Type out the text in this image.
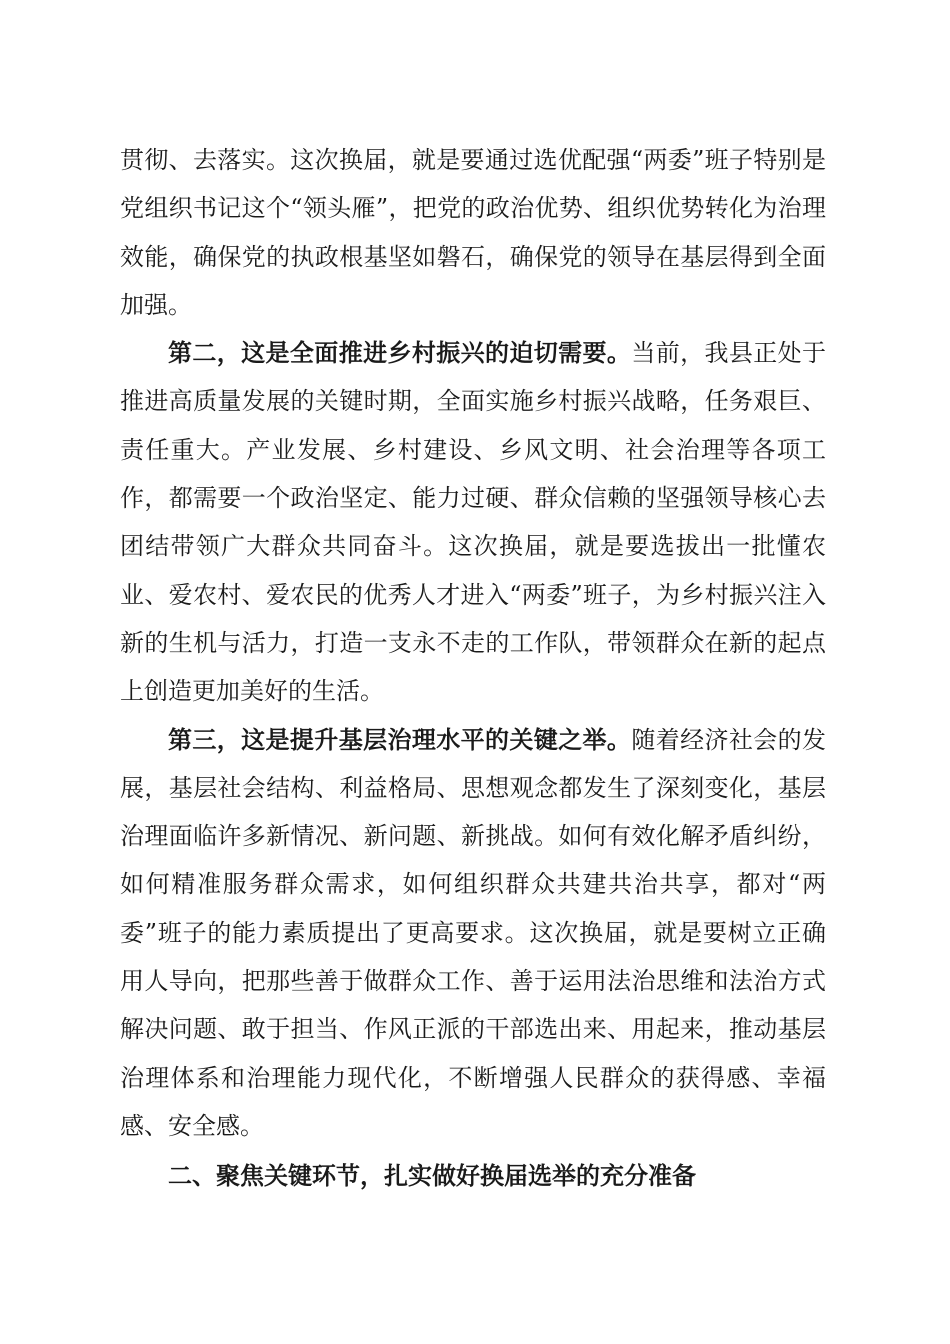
贯彻、去落实。这次换届，就是要通过选优配强“两委”班子特别是党组织书记这个“领头雁”，把党的政治优势、组织优势转化为治理效能，确保党的执政根基坚如磐石，确保党的领导在基层得到全面加强。

第二，这是全面推进乡村振兴的迫切需要。当前，我县正处于推进高质量发展的关键时期，全面实施乡村振兴战略，任务艰巨、责任重大。产业发展、乡村建设、乡风文明、社会治理等各项工作，都需要一个政治坚定、能力过硬、群众信赖的坚强领导核心去团结带领广大群众共同奋斗。这次换届，就是要选拔出一批懂农业、爱农村、爱农民的优秀人才进入“两委”班子，为乡村振兴注入新的生机与活力，打造一支永不走的工作队，带领群众在新的起点上创造更加美好的生活。

第三，这是提升基层治理水平的关键之举。随着经济社会的发展，基层社会结构、利益格局、思想观念都发生了深刻变化，基层治理面临许多新情况、新问题、新挑战。如何有效化解矛盾纠纷，如何精准服务群众需求，如何组织群众共建共治共享，都对“两委”班子的能力素质提出了更高要求。这次换届，就是要树立正确用人导向，把那些善于做群众工作、善于运用法治思维和法治方式解决问题、敢于担当、作风正派的干部选出来、用起来，推动基层治理体系和治理能力现代化，不断增强人民群众的获得感、幸福感、安全感。

二、聚焦关键环节，扎实做好换届选举的充分准备
